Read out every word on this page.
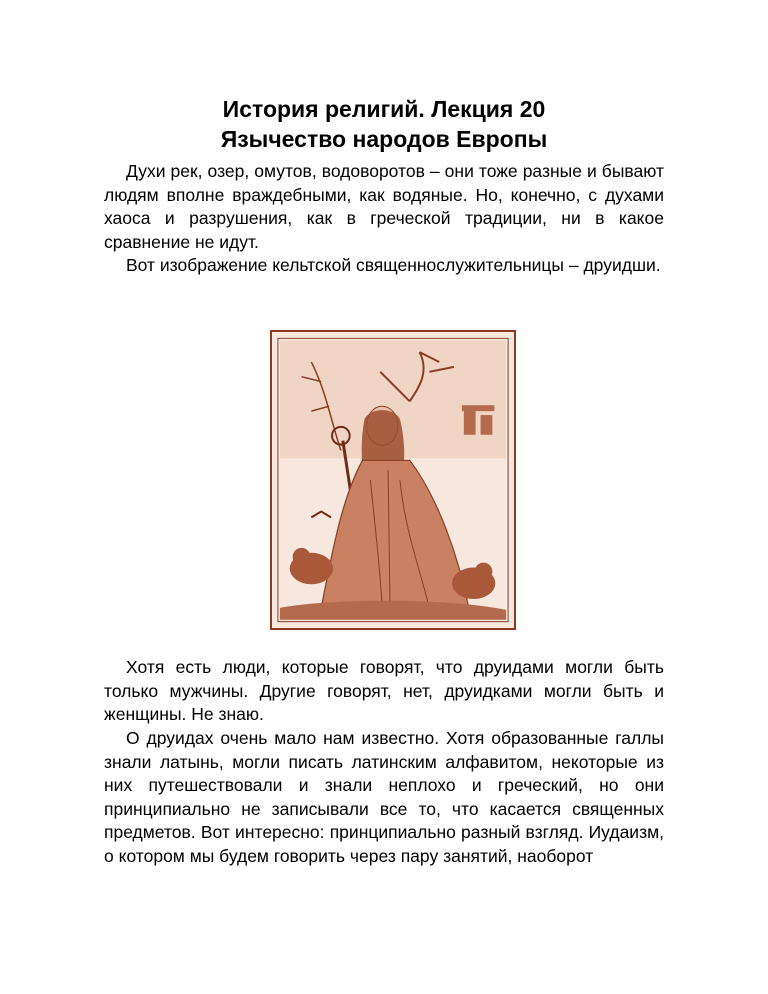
История религий. Лекция 20
Язычество народов Европы

Духи рек, озер, омутов, водоворотов – они тоже разные и бывают людям вполне враждебными, как водяные. Но, конечно, с духами хаоса и разрушения, как в греческой традиции, ни в какое сравнение не идут.

Вот изображение кельтской священнослужительницы – друидши.

Хотя есть люди, которые говорят, что друидами могли быть только мужчины. Другие говорят, нет, друидками могли быть и женщины. Не знаю.

О друидах очень мало нам известно. Хотя образованные галлы знали латынь, могли писать латинским алфавитом, некоторые из них путешествовали и знали неплохо и греческий, но они принципиально не записывали все то, что касается священных предметов. Вот интересно: принципиально разный взгляд. Иудаизм, о котором мы будем говорить через пару занятий, наоборот
